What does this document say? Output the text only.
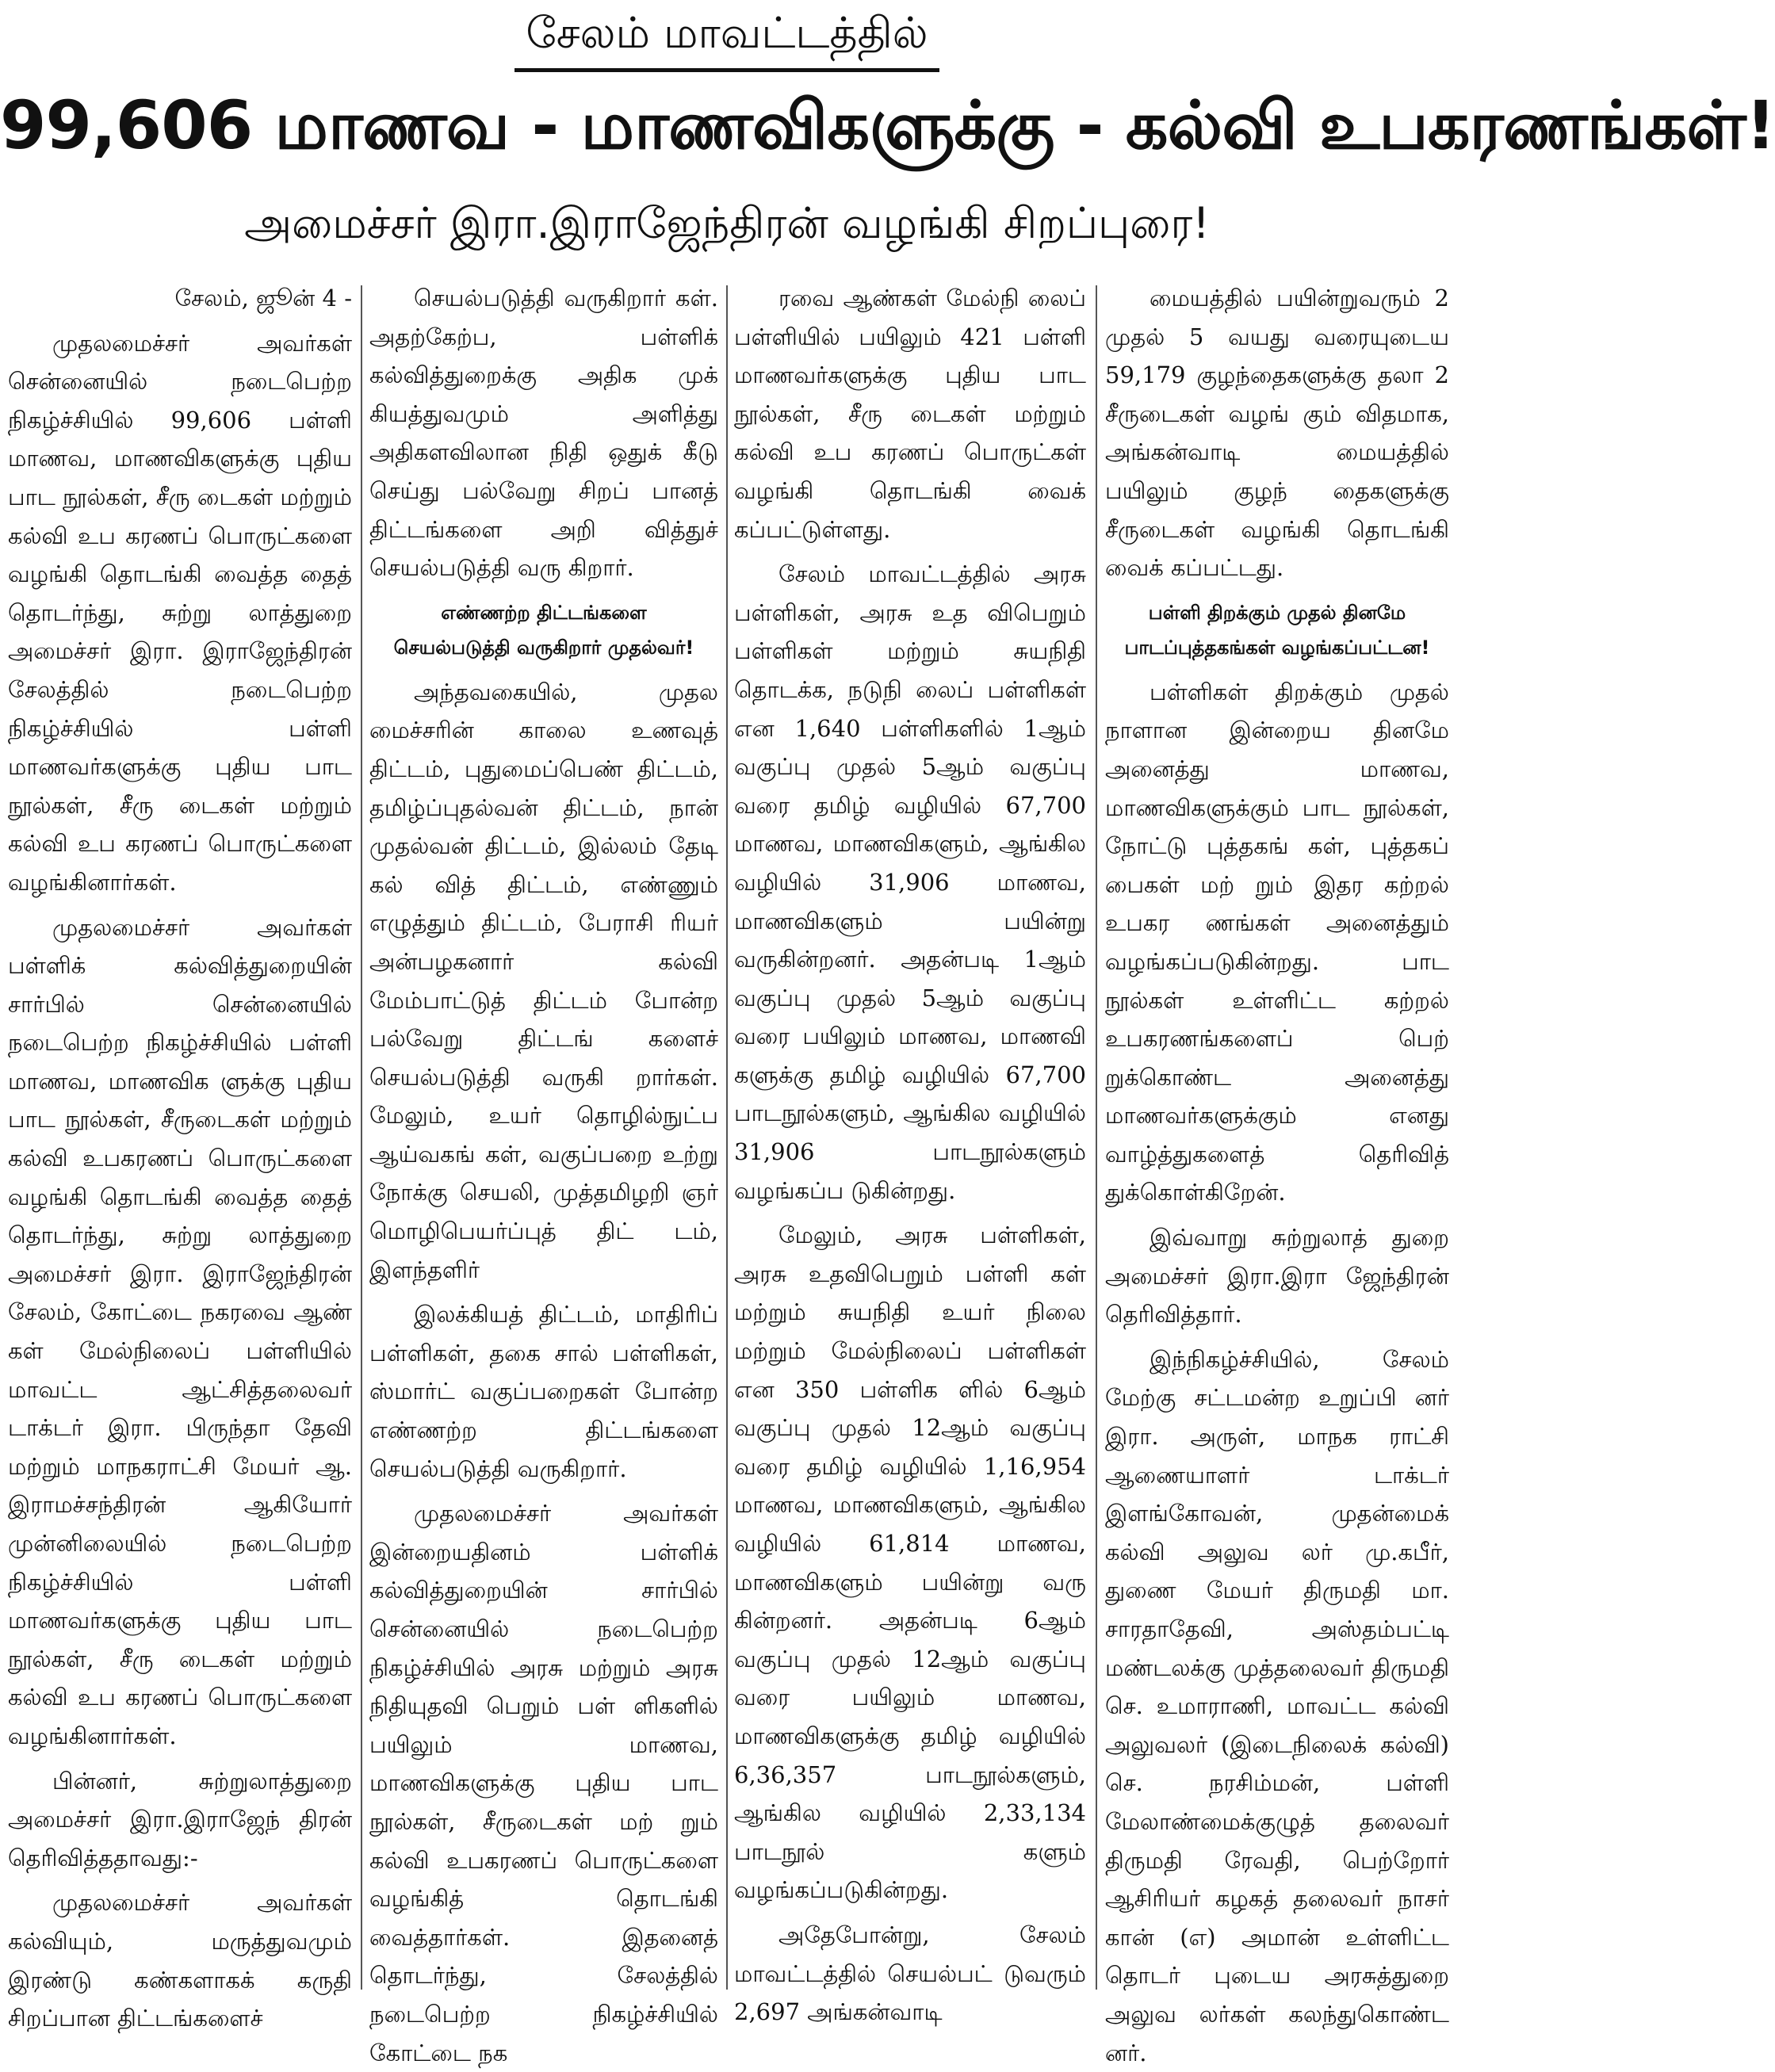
சேலம் மாவட்டத்தில்
99,606 மாணவ - மாணவிகளுக்கு - கல்வி உபகரணங்கள்!
அமைச்சர் இரா.இராஜேந்திரன் வழங்கி சிறப்புரை!

சேலம், ஜூன் 4 -

முதலமைச்சர் அவர்கள் சென்னையில் நடைபெற்ற நிகழ்ச்சியில் 99,606 பள்ளி மாணவ, மாணவிகளுக்கு புதிய பாட நூல்கள், சீரு டைகள் மற்றும் கல்வி உப கரணப் பொருட்களை வழங்கி தொடங்கி வைத்த தைத் தொடர்ந்து, சுற்று லாத்துறை அமைச்சர் இரா. இராஜேந்திரன் சேலத்தில் நடைபெற்ற நிகழ்ச்சியில் பள்ளி மாணவர்களுக்கு புதிய பாட நூல்கள், சீரு டைகள் மற்றும் கல்வி உப கரணப் பொருட்களை வழங்கினார்கள்.

முதலமைச்சர் அவர்கள் பள்ளிக் கல்வித்துறையின் சார்பில் சென்னையில் நடைபெற்ற நிகழ்ச்சியில் பள்ளி மாணவ, மாணவிக ளுக்கு புதிய பாட நூல்கள், சீருடைகள் மற்றும் கல்வி உபகரணப் பொருட்களை வழங்கி தொடங்கி வைத்த தைத் தொடர்ந்து, சுற்று லாத்துறை அமைச்சர் இரா. இராஜேந்திரன் சேலம், கோட்டை நகரவை ஆண் கள் மேல்நிலைப் பள்ளியில் மாவட்ட ஆட்சித்தலைவர் டாக்டர் இரா. பிருந்தா தேவி மற்றும் மாநகராட்சி மேயர் ஆ. இராமச்சந்திரன் ஆகியோர் முன்னிலையில் நடைபெற்ற நிகழ்ச்சியில் பள்ளி மாணவர்களுக்கு புதிய பாட நூல்கள், சீரு டைகள் மற்றும் கல்வி உப கரணப் பொருட்களை வழங்கினார்கள்.

பின்னர், சுற்றுலாத்துறை அமைச்சர் இரா.இராஜேந் திரன் தெரிவித்ததாவது:-

முதலமைச்சர் அவர்கள் கல்வியும், மருத்துவமும் இரண்டு கண்களாகக் கருதி சிறப்பான திட்டங்களைச்

செயல்படுத்தி வருகிறார் கள். அதற்கேற்ப, பள்ளிக் கல்வித்துறைக்கு அதிக முக் கியத்துவமும் அளித்து அதிகளவிலான நிதி ஒதுக் கீடு செய்து பல்வேறு சிறப் பானத் திட்டங்களை அறி வித்துச் செயல்படுத்தி வரு கிறார்.

எண்ணற்ற திட்டங்களை
செயல்படுத்தி வருகிறார் முதல்வர்!

அந்தவகையில், முதல மைச்சரின் காலை உணவுத் திட்டம், புதுமைப்பெண் திட்டம், தமிழ்ப்புதல்வன் திட்டம், நான் முதல்வன் திட்டம், இல்லம் தேடி கல் வித் திட்டம், எண்ணும் எழுத்தும் திட்டம், பேராசி ரியர் அன்பழகனார் கல்வி மேம்பாட்டுத் திட்டம் போன்ற பல்வேறு திட்டங் களைச் செயல்படுத்தி வருகி றார்கள். மேலும், உயர் தொழில்நுட்ப ஆய்வகங் கள், வகுப்பறை உற்று நோக்கு செயலி, முத்தமிழறி ஞர் மொழிபெயர்ப்புத் திட் டம், இளந்தளிர்

இலக்கியத் திட்டம், மாதிரிப் பள்ளிகள், தகை சால் பள்ளிகள், ஸ்மார்ட் வகுப்பறைகள் போன்ற எண்ணற்ற திட்டங்களை செயல்படுத்தி வருகிறார்.

முதலமைச்சர் அவர்கள் இன்றையதினம் பள்ளிக் கல்வித்துறையின் சார்பில் சென்னையில் நடைபெற்ற நிகழ்ச்சியில் அரசு மற்றும் அரசு நிதியுதவி பெறும் பள் ளிகளில் பயிலும் மாணவ, மாணவிகளுக்கு புதிய பாட நூல்கள், சீருடைகள் மற் றும் கல்வி உபகரணப் பொருட்களை வழங்கித் தொடங்கி வைத்தார்கள். இதனைத் தொடர்ந்து, சேலத்தில் நடைபெற்ற நிகழ்ச்சியில் கோட்டை நக

ரவை ஆண்கள் மேல்நி லைப் பள்ளியில் பயிலும் 421 பள்ளி மாணவர்களுக்கு புதிய பாட நூல்கள், சீரு டைகள் மற்றும் கல்வி உப கரணப் பொருட்கள் வழங்கி தொடங்கி வைக் கப்பட்டுள்ளது.

சேலம் மாவட்டத்தில் அரசு பள்ளிகள், அரசு உத விபெறும் பள்ளிகள் மற்றும் சுயநிதி தொடக்க, நடுநி லைப் பள்ளிகள் என 1,640 பள்ளிகளில் 1ஆம் வகுப்பு முதல் 5ஆம் வகுப்பு வரை தமிழ் வழியில் 67,700 மாணவ, மாணவிகளும், ஆங்கில வழியில் 31,906 மாணவ, மாணவிகளும் பயின்று வருகின்றனர். அதன்படி 1ஆம் வகுப்பு முதல் 5ஆம் வகுப்பு வரை பயிலும் மாணவ, மாணவி களுக்கு தமிழ் வழியில் 67,700 பாடநூல்களும், ஆங்கில வழியில் 31,906 பாடநூல்களும் வழங்கப்ப டுகின்றது.

மேலும், அரசு பள்ளிகள், அரசு உதவிபெறும் பள்ளி கள் மற்றும் சுயநிதி உயர் நிலை மற்றும் மேல்நிலைப் பள்ளிகள் என 350 பள்ளிக ளில் 6ஆம் வகுப்பு முதல் 12ஆம் வகுப்பு வரை தமிழ் வழியில் 1,16,954 மாணவ, மாணவிகளும், ஆங்கில வழியில் 61,814 மாணவ, மாணவிகளும் பயின்று வரு கின்றனர். அதன்படி 6ஆம் வகுப்பு முதல் 12ஆம் வகுப்பு வரை பயிலும் மாணவ, மாணவிகளுக்கு தமிழ் வழியில் 6,36,357 பாடநூல்களும், ஆங்கில வழியில் 2,33,134 பாடநூல் களும் வழங்கப்படுகின்றது.

அதேபோன்று, சேலம் மாவட்டத்தில் செயல்பட் டுவரும் 2,697 அங்கன்வாடி

மையத்தில் பயின்றுவரும் 2 முதல் 5 வயது வரையுடைய 59,179 குழந்தைகளுக்கு தலா 2 சீருடைகள் வழங் கும் விதமாக, அங்கன்வாடி மையத்தில் பயிலும் குழந் தைகளுக்கு சீருடைகள் வழங்கி தொடங்கி வைக் கப்பட்டது.

பள்ளி திறக்கும் முதல் தினமே
பாடப்புத்தகங்கள் வழங்கப்பட்டன!

பள்ளிகள் திறக்கும் முதல் நாளான இன்றைய தினமே அனைத்து மாணவ, மாணவிகளுக்கும் பாட நூல்கள், நோட்டு புத்தகங் கள், புத்தகப் பைகள் மற் றும் இதர கற்றல் உபகர ணங்கள் அனைத்தும் வழங்கப்படுகின்றது. பாட நூல்கள் உள்ளிட்ட கற்றல் உபகரணங்களைப் பெற் றுக்கொண்ட அனைத்து மாணவர்களுக்கும் எனது வாழ்த்துகளைத் தெரிவித் துக்கொள்கிறேன்.

இவ்வாறு சுற்றுலாத் துறை அமைச்சர் இரா.இரா ஜேந்திரன் தெரிவித்தார்.

இந்நிகழ்ச்சியில், சேலம் மேற்கு சட்டமன்ற உறுப்பி னர் இரா. அருள், மாநக ராட்சி ஆணையாளர் டாக்டர் இளங்கோவன், முதன்மைக் கல்வி அலுவ லர் மு.கபீர், துணை மேயர் திருமதி மா. சாரதாதேவி, அஸ்தம்பட்டி மண்டலக்கு முத்தலைவர் திருமதி செ. உமாராணி, மாவட்ட கல்வி அலுவலர் (இடைநிலைக் கல்வி) செ. நரசிம்மன், பள்ளி மேலாண்மைக்குழுத் தலைவர் திருமதி ரேவதி, பெற்றோர் ஆசிரியர் கழகத் தலைவர் நாசர் கான் (எ) அமான் உள்ளிட்ட தொடர் புடைய அரசுத்துறை அலுவ லர்கள் கலந்துகொண்ட னர்.
